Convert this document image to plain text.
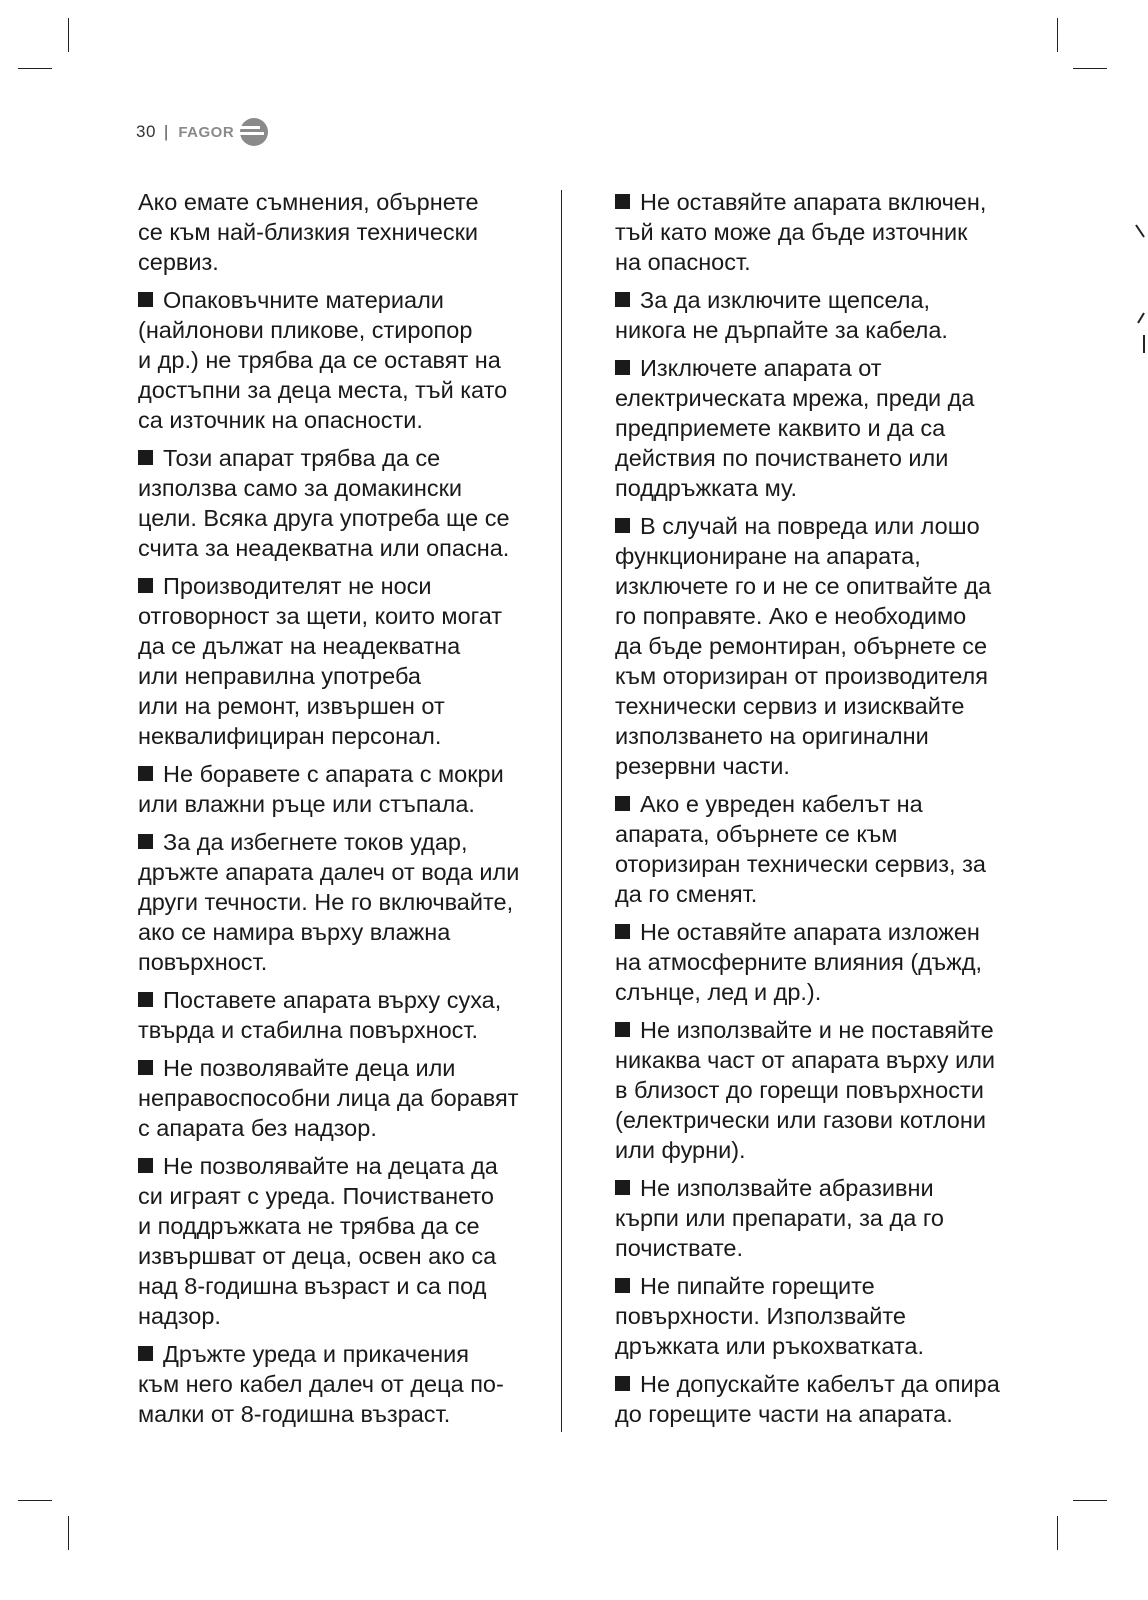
30 | FAGOR

Ако емате съмнения, обърнете
се към най-близкия технически
сервиз.

Опаковъчните материали
(найлонови пликове, стиропор
и др.) не трябва да се оставят на
достъпни за деца места, тъй като
са източник на опасности.

Този апарат трябва да се
използва само за домакински
цели. Всяка друга употреба ще се
счита за неадекватна или опасна.

Производителят не носи
отговорност за щети, които могат
да се дължат на неадекватна
или неправилна употреба
или на ремонт, извършен от
неквалифициран персонал.

Не боравете с апарата с мокри
или влажни ръце или стъпала.

За да избегнете токов удар,
дръжте апарата далеч от вода или
други течности. Не го включвайте,
ако се намира върху влажна
повърхност.

Поставете апарата върху суха,
твърда и стабилна повърхност.

Не позволявайте деца или
неправоспособни лица да боравят
с апарата без надзор.

Не позволявайте на децата да
си играят с уреда. Почистването
и поддръжката не трябва да се
извършват от деца, освен ако са
над 8-годишна възраст и са под
надзор.

Дръжте уреда и прикачения
към него кабел далеч от деца по-
малки от 8-годишна възраст.

Не оставяйте апарата включен,
тъй като може да бъде източник
на опасност.

За да изключите щепсела,
никога не дърпайте за кабела.

Изключете апарата от
електрическата мрежа, преди да
предприемете каквито и да са
действия по почистването или
поддръжката му.

В случай на повреда или лошо
функциониране на апарата,
изключете го и не се опитвайте да
го поправяте. Ако е необходимо
да бъде ремонтиран, обърнете се
към оторизиран от производителя
технически сервиз и изисквайте
използването на оригинални
резервни части.

Ако е увреден кабелът на
апарата, обърнете се към
оторизиран технически сервиз, за
да го сменят.

Не оставяйте апарата изложен
на атмосферните влияния (дъжд,
слънце, лед и др.).

Не използвайте и не поставяйте
никаква част от апарата върху или
в близост до горещи повърхности
(електрически или газови котлони
или фурни).

Не използвайте абразивни
кърпи или препарати, за да го
почиствате.

Не пипайте горещите
повърхности. Използвайте
дръжката или ръкохватката.

Не допускайте кабелът да опира
до горещите части на апарата.
